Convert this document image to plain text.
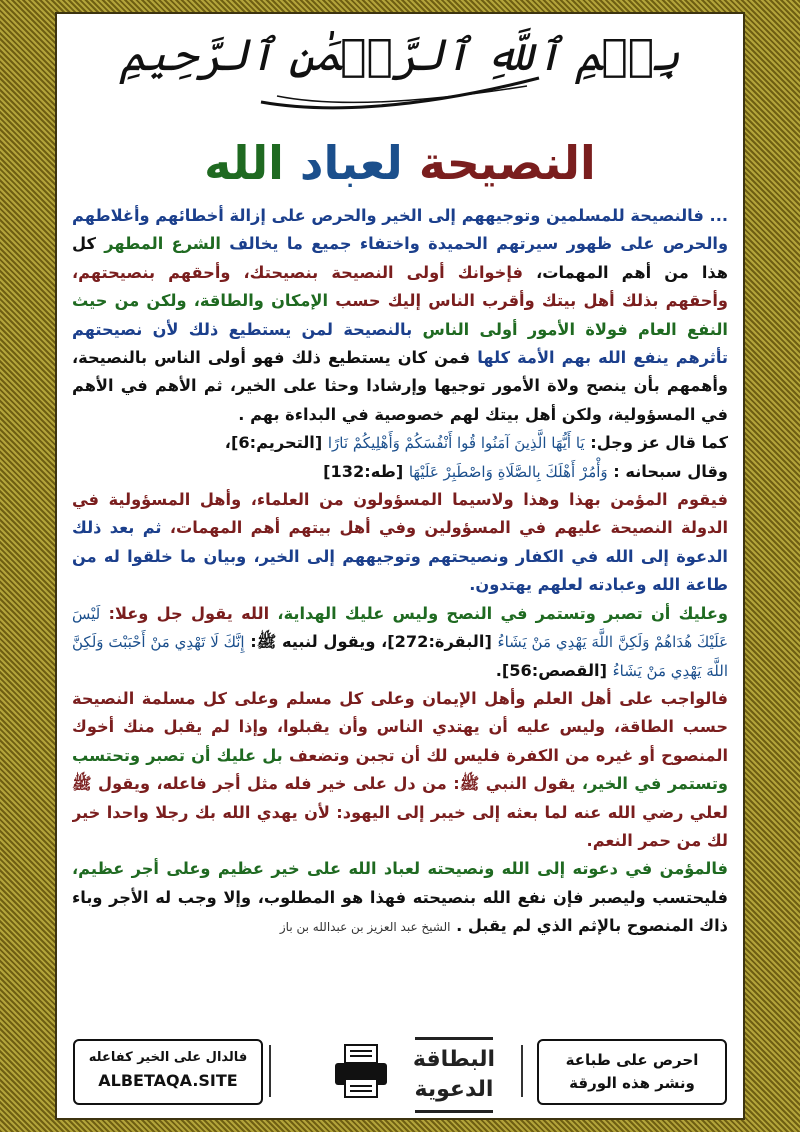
بِسۡمِ ٱللَّهِ ٱلرَّحۡمَٰنِ ٱلرَّحِيمِ
النصيحة لعباد الله

... فالنصيحة للمسلمين وتوجيههم إلى الخير والحرص على إزالة أخطائهم وأغلاطهم والحرص على ظهور سيرتهم الحميدة واختفاء جميع ما يخالف الشرع المطهر كل هذا من أهم المهمات، فإخوانك أولى النصيحة بنصيحتك، وأحقهم بنصيحتهم، وأحقهم بذلك أهل بيتك وأقرب الناس إليك حسب الإمكان والطاقة، ولكن من حيث النفع العام فولاة الأمور أولى الناس بالنصيحة لمن يستطيع ذلك لأن نصيحتهم تأثرهم ينفع الله بهم الأمة كلها فمن كان يستطيع ذلك فهو أولى الناس بالنصيحة، وأهمهم بأن ينصح ولاة الأمور توجيها وإرشادا وحثا على الخير، ثم الأهم في الأهم في المسؤولية، ولكن أهل بيتك لهم خصوصية في البداءة بهم .

كما قال عز وجل: يَا أَيُّهَا الَّذِينَ آمَنُوا قُوا أَنْفُسَكُمْ وَأَهْلِيكُمْ نَارًا [التحريم:6]،

وقال سبحانه : وَأْمُرْ أَهْلَكَ بِالصَّلَاةِ وَاصْطَبِرْ عَلَيْهَا [طه:132]

فيقوم المؤمن بهذا وهذا ولاسيما المسؤولون من العلماء، وأهل المسؤولية في الدولة النصيحة عليهم في المسؤولين وفي أهل بيتهم أهم المهمات، ثم بعد ذلك الدعوة إلى الله في الكفار ونصيحتهم وتوجيههم إلى الخير، وبيان ما خلقوا له من طاعة الله وعبادته لعلهم يهتدون.

وعليك أن تصبر وتستمر في النصح وليس عليك الهداية، الله يقول جل وعلا: لَيْسَ عَلَيْكَ هُدَاهُمْ وَلَكِنَّ اللَّهَ يَهْدِي مَنْ يَشَاءُ [البقرة:272]، ويقول لنبيه ﷺ: إِنَّكَ لَا تَهْدِي مَنْ أَحْبَبْتَ وَلَكِنَّ اللَّهَ يَهْدِي مَنْ يَشَاءُ [القصص:56].

فالواجب على أهل العلم وأهل الإيمان وعلى كل مسلم وعلى كل مسلمة النصيحة حسب الطاقة، وليس عليه أن يهتدي الناس وأن يقبلوا، وإذا لم يقبل منك أخوك المنصوح أو غيره من الكفرة فليس لك أن تجبن وتضعف بل عليك أن تصبر وتحتسب وتستمر في الخير، يقول النبي ﷺ: من دل على خير فله مثل أجر فاعله، ويقول ﷺ لعلي رضي الله عنه لما بعثه إلى خيبر إلى اليهود: لأن يهدي الله بك رجلا واحدا خير لك من حمر النعم.

فالمؤمن في دعوته إلى الله ونصيحته لعباد الله على خير عظيم وعلى أجر عظيم، فليحتسب وليصبر فإن نفع الله بنصيحته فهذا هو المطلوب، وإلا وجب له الأجر وباء ذاك المنصوح بالإثم الذي لم يقبل . الشيخ عبد العزيز بن عبدالله بن باز

فالدال على الخير كفاعله
ALBETAQA.SITE
البطاقة
الدعوية
احرص على طباعة
ونشر هذه الورقة
